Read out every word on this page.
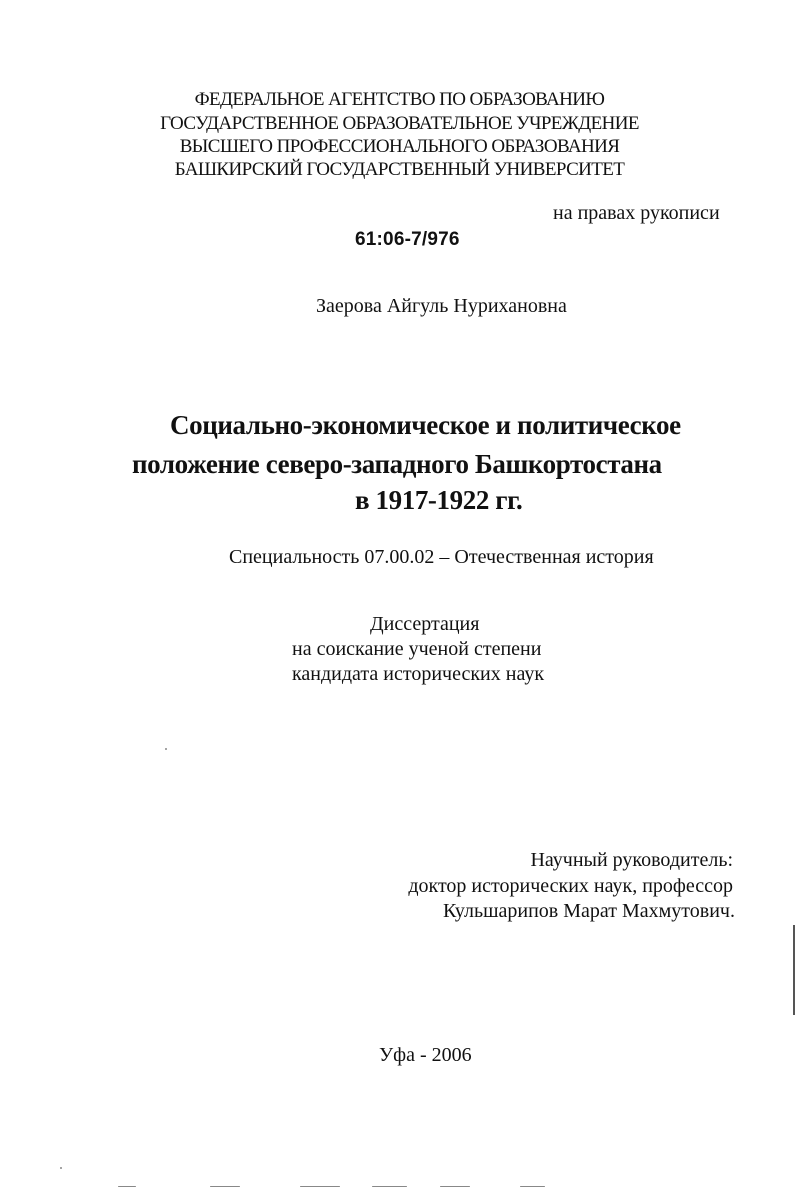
ФЕДЕРАЛЬНОЕ АГЕНТСТВО ПО ОБРАЗОВАНИЮ
ГОСУДАРСТВЕННОЕ ОБРАЗОВАТЕЛЬНОЕ УЧРЕЖДЕНИЕ
ВЫСШЕГО ПРОФЕССИОНАЛЬНОГО ОБРАЗОВАНИЯ
БАШКИРСКИЙ ГОСУДАРСТВЕННЫЙ УНИВЕРСИТЕТ
на правах рукописи
61:06-7/976
Заерова Айгуль Нурихановна
Социально-экономическое и политическое
положение северо-западного Башкортостана
в 1917-1922 гг.
Специальность 07.00.02 – Отечественная история
Диссертация
на соискание ученой степени
кандидата исторических наук
Научный руководитель:
доктор исторических наук, профессор
Кульшарипов Марат Махмутович.
Уфа - 2006
